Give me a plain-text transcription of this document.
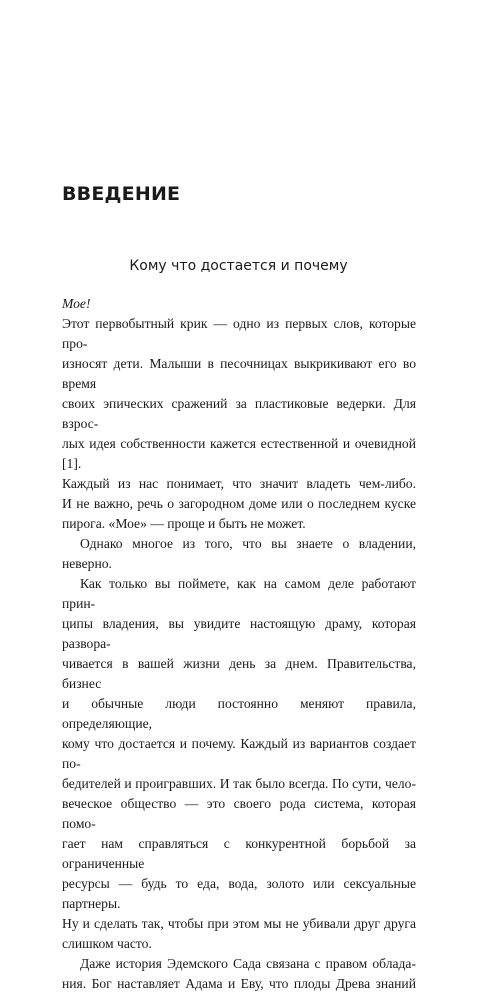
ВВЕДЕНИЕ
Кому что достается и почему

Мое!

Этот первобытный крик — одно из первых слов, которые про-

износят дети. Малыши в песочницах выкрикивают его во время

своих эпических сражений за пластиковые ведерки. Для взрос-

лых идея собственности кажется естественной и очевидной [1].

Каждый из нас понимает, что значит владеть чем-либо.

И не важно, речь о загородном доме или о последнем куске

пирога. «Мое» — проще и быть не может.

Однако многое из того, что вы знаете о владении, неверно.

Как только вы поймете, как на самом деле работают прин-

ципы владения, вы увидите настоящую драму, которая развора-

чивается в вашей жизни день за днем. Правительства, бизнес

и обычные люди постоянно меняют правила, определяющие,

кому что достается и почему. Каждый из вариантов создает по-

бедителей и проигравших. И так было всегда. По сути, чело-

веческое общество — это своего рода система, которая помо-

гает нам справляться с конкурентной борьбой за ограниченные

ресурсы — будь то еда, вода, золото или сексуальные партнеры.

Ну и сделать так, чтобы при этом мы не убивали друг друга

слишком часто.

Даже история Эдемского Сада связана с правом облада-

ния. Бог наставляет Адама и Еву, что плоды Древа знаний
